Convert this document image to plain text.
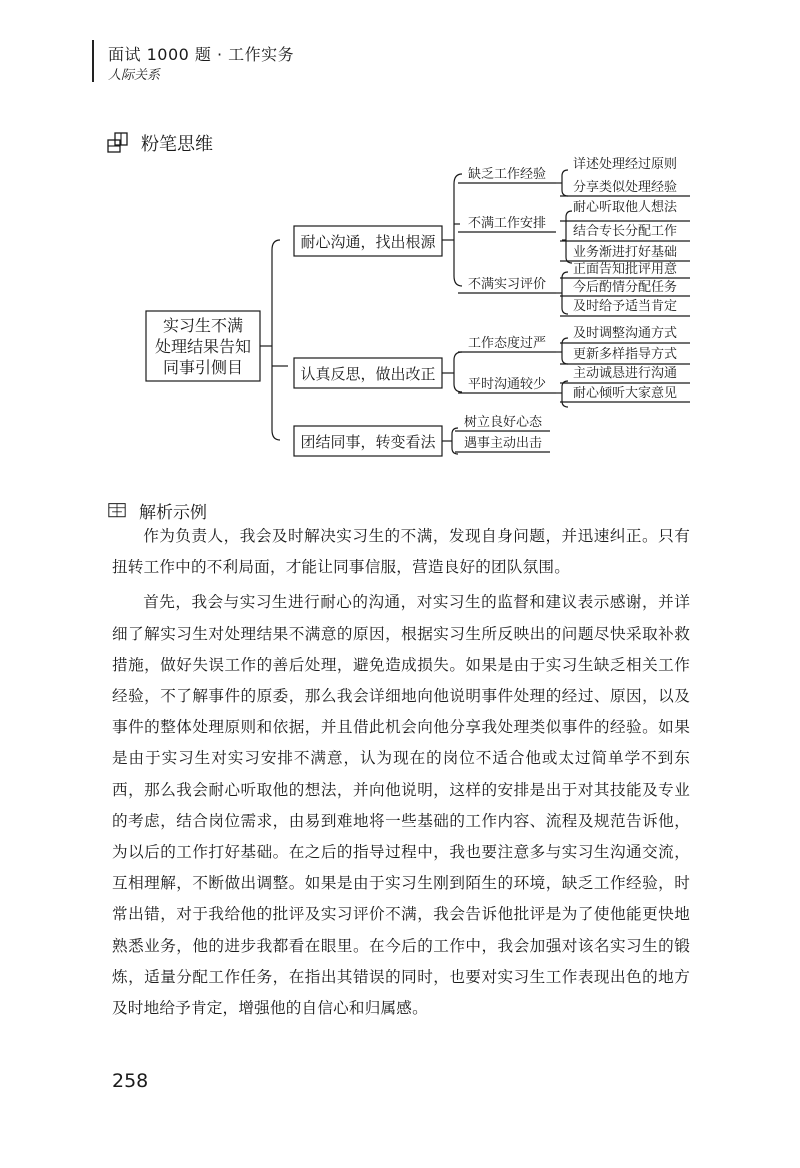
面试 1000 题 · 工作实务
人际关系
实习生不满
处理结果告知
同事引侧目
耐心沟通，找出根源
认真反思，做出改正
团结同事，转变看法
缺乏工作经验
不满工作安排
不满实习评价
工作态度过严
平时沟通较少
详述处理经过原则
分享类似处理经验
耐心听取他人想法
结合专长分配工作
业务渐进打好基础
正面告知批评用意
今后酌情分配任务
及时给予适当肯定
及时调整沟通方式
更新多样指导方式
主动诚恳进行沟通
耐心倾听大家意见
树立良好心态
遇事主动出击
粉笔思维
解析示例

作为负责人，我会及时解决实习生的不满，发现自身问题，并迅速纠正。只有扭转工作中的不利局面，才能让同事信服，营造良好的团队氛围。

首先，我会与实习生进行耐心的沟通，对实习生的监督和建议表示感谢，并详细了解实习生对处理结果不满意的原因，根据实习生所反映出的问题尽快采取补救措施，做好失误工作的善后处理，避免造成损失。如果是由于实习生缺乏相关工作经验，不了解事件的原委，那么我会详细地向他说明事件处理的经过、原因，以及事件的整体处理原则和依据，并且借此机会向他分享我处理类似事件的经验。如果是由于实习生对实习安排不满意，认为现在的岗位不适合他或太过简单学不到东西，那么我会耐心听取他的想法，并向他说明，这样的安排是出于对其技能及专业的考虑，结合岗位需求，由易到难地将一些基础的工作内容、流程及规范告诉他，为以后的工作打好基础。在之后的指导过程中，我也要注意多与实习生沟通交流，互相理解，不断做出调整。如果是由于实习生刚到陌生的环境，缺乏工作经验，时常出错，对于我给他的批评及实习评价不满，我会告诉他批评是为了使他能更快地熟悉业务，他的进步我都看在眼里。在今后的工作中，我会加强对该名实习生的锻炼，适量分配工作任务，在指出其错误的同时，也要对实习生工作表现出色的地方及时地给予肯定，增强他的自信心和归属感。

258
